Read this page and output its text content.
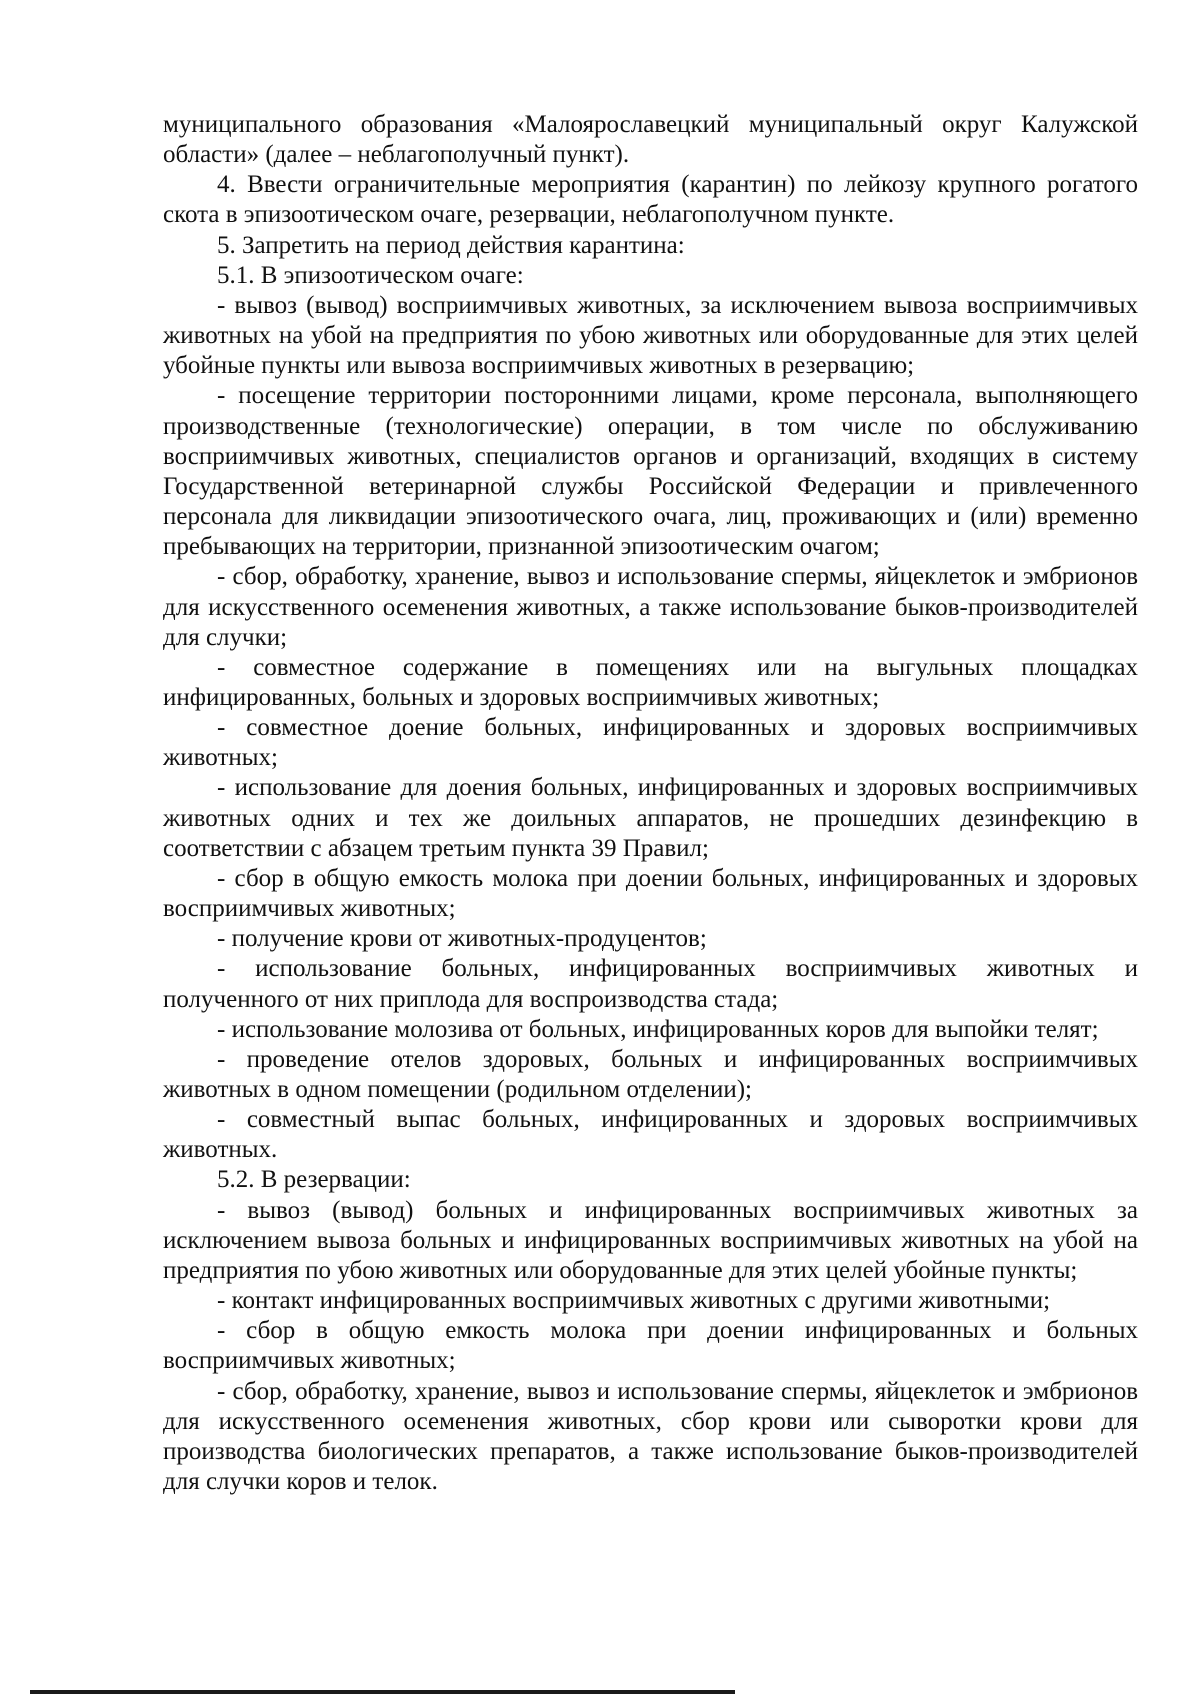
муниципального образования «Малоярославецкий муниципальный округ Калужской области» (далее – неблагополучный пункт).

4. Ввести ограничительные мероприятия (карантин) по лейкозу крупного рогатого скота в эпизоотическом очаге, резервации, неблагополучном пункте.

5. Запретить на период действия карантина:

5.1. В эпизоотическом очаге:

- вывоз (вывод) восприимчивых животных, за исключением вывоза восприимчивых животных на убой на предприятия по убою животных или оборудованные для этих целей убойные пункты или вывоза восприимчивых животных в резервацию;

- посещение территории посторонними лицами, кроме персонала, выполняющего производственные (технологические) операции, в том числе по обслуживанию восприимчивых животных, специалистов органов и организаций, входящих в систему Государственной ветеринарной службы Российской Федерации и привлеченного персонала для ликвидации эпизоотического очага, лиц, проживающих и (или) временно пребывающих на территории, признанной эпизоотическим очагом;

- сбор, обработку, хранение, вывоз и использование спермы, яйцеклеток и эмбрионов для искусственного осеменения животных, а также использование быков-производителей для случки;

- совместное содержание в помещениях или на выгульных площадках инфицированных, больных и здоровых восприимчивых животных;

- совместное доение больных, инфицированных и здоровых восприимчивых животных;

- использование для доения больных, инфицированных и здоровых восприимчивых животных одних и тех же доильных аппаратов, не прошедших дезинфекцию в соответствии с абзацем третьим пункта 39 Правил;

- сбор в общую емкость молока при доении больных, инфицированных и здоровых восприимчивых животных;

- получение крови от животных-продуцентов;

- использование больных, инфицированных восприимчивых животных и полученного от них приплода для воспроизводства стада;

- использование молозива от больных, инфицированных коров для выпойки телят;

- проведение отелов здоровых, больных и инфицированных восприимчивых животных в одном помещении (родильном отделении);

- совместный выпас больных, инфицированных и здоровых восприимчивых животных.

5.2. В резервации:

- вывоз (вывод) больных и инфицированных восприимчивых животных за исключением вывоза больных и инфицированных восприимчивых животных на убой на предприятия по убою животных или оборудованные для этих целей убойные пункты;

- контакт инфицированных восприимчивых животных с другими животными;

- сбор в общую емкость молока при доении инфицированных и больных восприимчивых животных;

- сбор, обработку, хранение, вывоз и использование спермы, яйцеклеток и эмбрионов для искусственного осеменения животных, сбор крови или сыворотки крови для производства биологических препаратов, а также использование быков-производителей для случки коров и телок.
